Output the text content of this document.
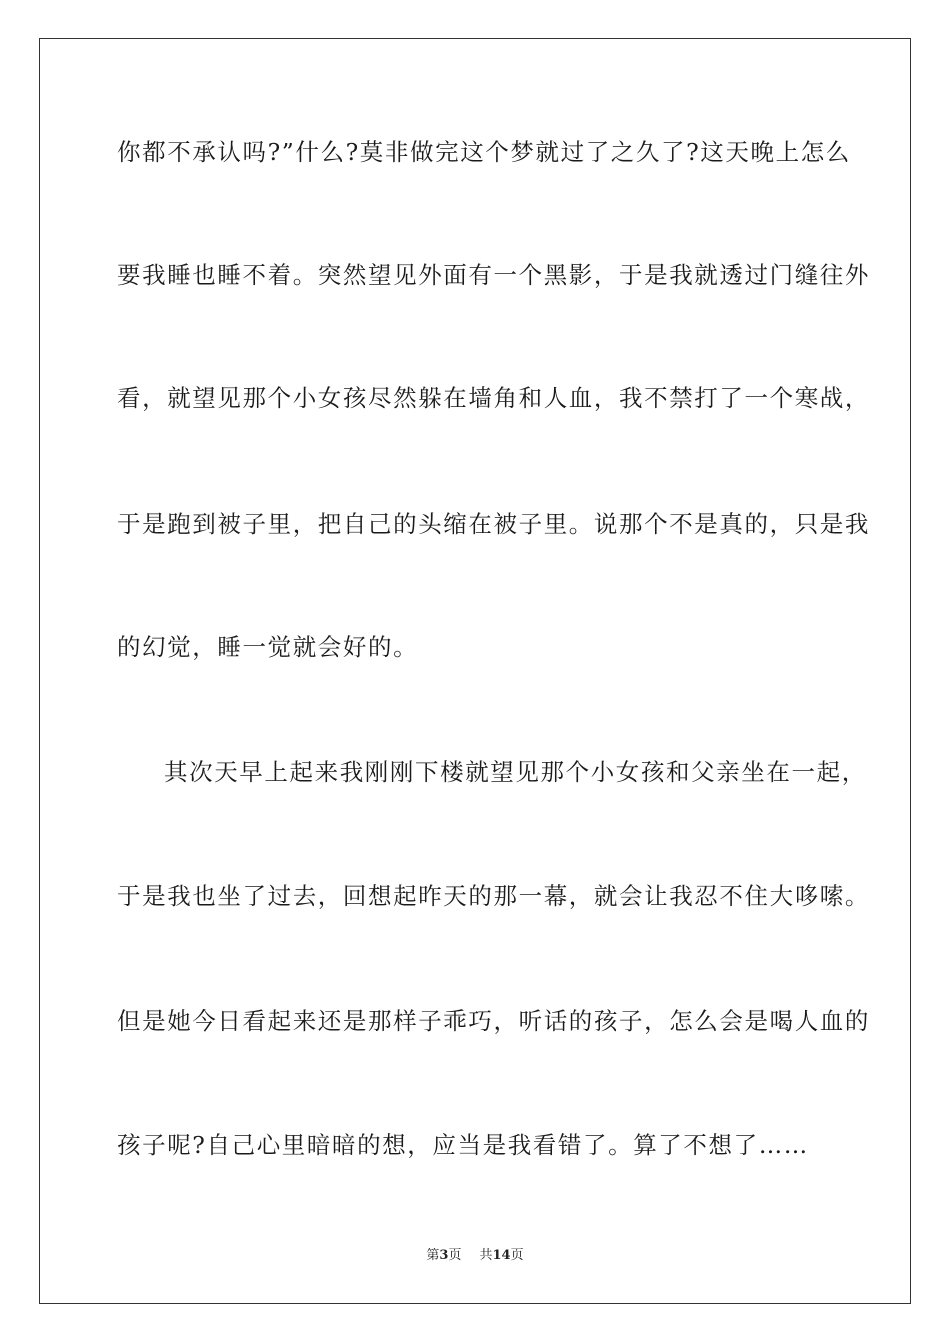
你都不承认吗?”什么?莫非做完这个梦就过了之久了?这天晚上怎么
要我睡也睡不着。突然望见外面有一个黑影，于是我就透过门缝往外
看，就望见那个小女孩尽然躲在墙角和人血，我不禁打了一个寒战，
于是跑到被子里，把自己的头缩在被子里。说那个不是真的，只是我
的幻觉，睡一觉就会好的。
其次天早上起来我刚刚下楼就望见那个小女孩和父亲坐在一起，
于是我也坐了过去，回想起昨天的那一幕，就会让我忍不住大哆嗦。
但是她今日看起来还是那样子乖巧，听话的孩子，怎么会是喝人血的
孩子呢?自己心里暗暗的想，应当是我看错了。算了不想了……
第3页 共14页
